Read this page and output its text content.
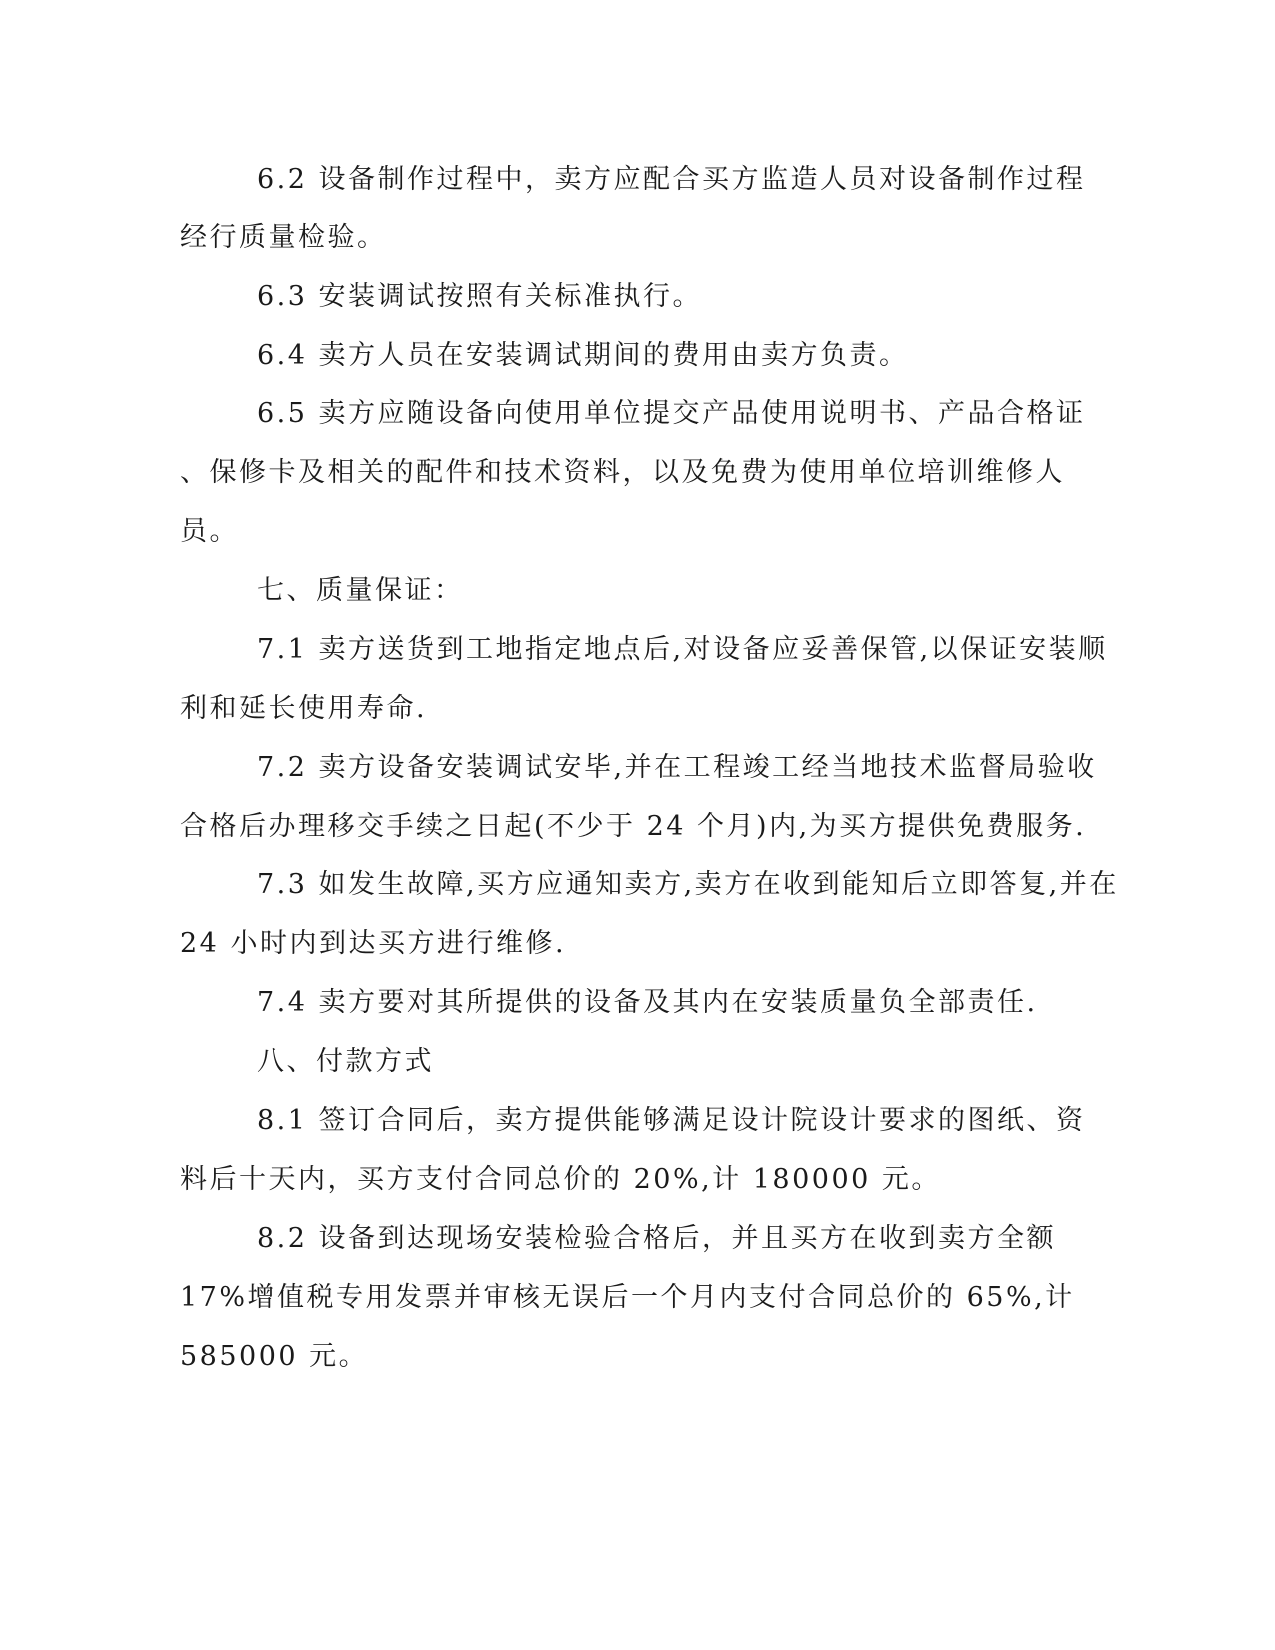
6.2 设备制作过程中，卖方应配合买方监造人员对设备制作过程
经行质量检验。
6.3 安装调试按照有关标准执行。
6.4 卖方人员在安装调试期间的费用由卖方负责。
6.5 卖方应随设备向使用单位提交产品使用说明书、产品合格证
、保修卡及相关的配件和技术资料，以及免费为使用单位培训维修人
员。
七、质量保证：
7.1 卖方送货到工地指定地点后,对设备应妥善保管,以保证安装顺
利和延长使用寿命.
7.2 卖方设备安装调试安毕,并在工程竣工经当地技术监督局验收
合格后办理移交手续之日起(不少于 24 个月)内,为买方提供免费服务.
7.3 如发生故障,买方应通知卖方,卖方在收到能知后立即答复,并在
24 小时内到达买方进行维修.
7.4 卖方要对其所提供的设备及其内在安装质量负全部责任.
八、付款方式
8.1 签订合同后，卖方提供能够满足设计院设计要求的图纸、资
料后十天内，买方支付合同总价的 20%,计 180000 元。
8.2 设备到达现场安装检验合格后，并且买方在收到卖方全额
17%增值税专用发票并审核无误后一个月内支付合同总价的 65%,计
585000 元。
